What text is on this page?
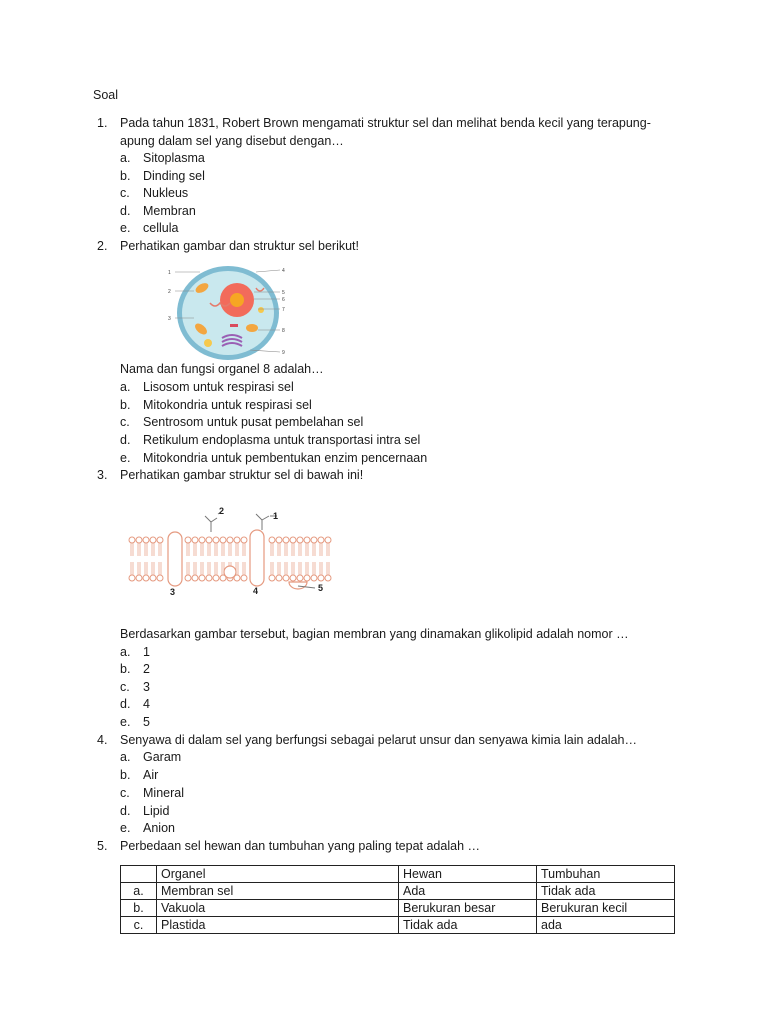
Soal
1. Pada tahun 1831, Robert Brown mengamati struktur sel dan melihat benda kecil yang terapung-
apung dalam sel yang disebut dengan…
a. Sitoplasma
b. Dinding sel
c. Nukleus
d. Membran
e. cellula
2. Perhatikan gambar dan struktur sel berikut!
1
2
3
4
5
6
7
8
9
Nama dan fungsi organel 8 adalah…
a. Lisosom untuk respirasi sel
b. Mitokondria untuk respirasi sel
c. Sentrosom untuk pusat pembelahan sel
d. Retikulum endoplasma untuk transportasi intra sel
e. Mitokondria untuk pembentukan enzim pencernaan
3. Perhatikan gambar struktur sel di bawah ini!
2	1
3	4	5
Berdasarkan gambar tersebut, bagian membran yang dinamakan glikolipid adalah nomor …
a. 1
b. 2
c. 3
d. 4
e. 5
4. Senyawa di dalam sel yang berfungsi sebagai pelarut unsur dan senyawa kimia lain adalah…
a. Garam
b. Air
c. Mineral
d. Lipid
e. Anion
5. Perbedaan sel hewan dan tumbuhan yang paling tepat adalah …
	Organel	Hewan	Tumbuhan
a.	Membran sel	Ada	Tidak ada
b.	Vakuola	Berukuran besar	Berukuran kecil
c.	Plastida	Tidak ada	ada
